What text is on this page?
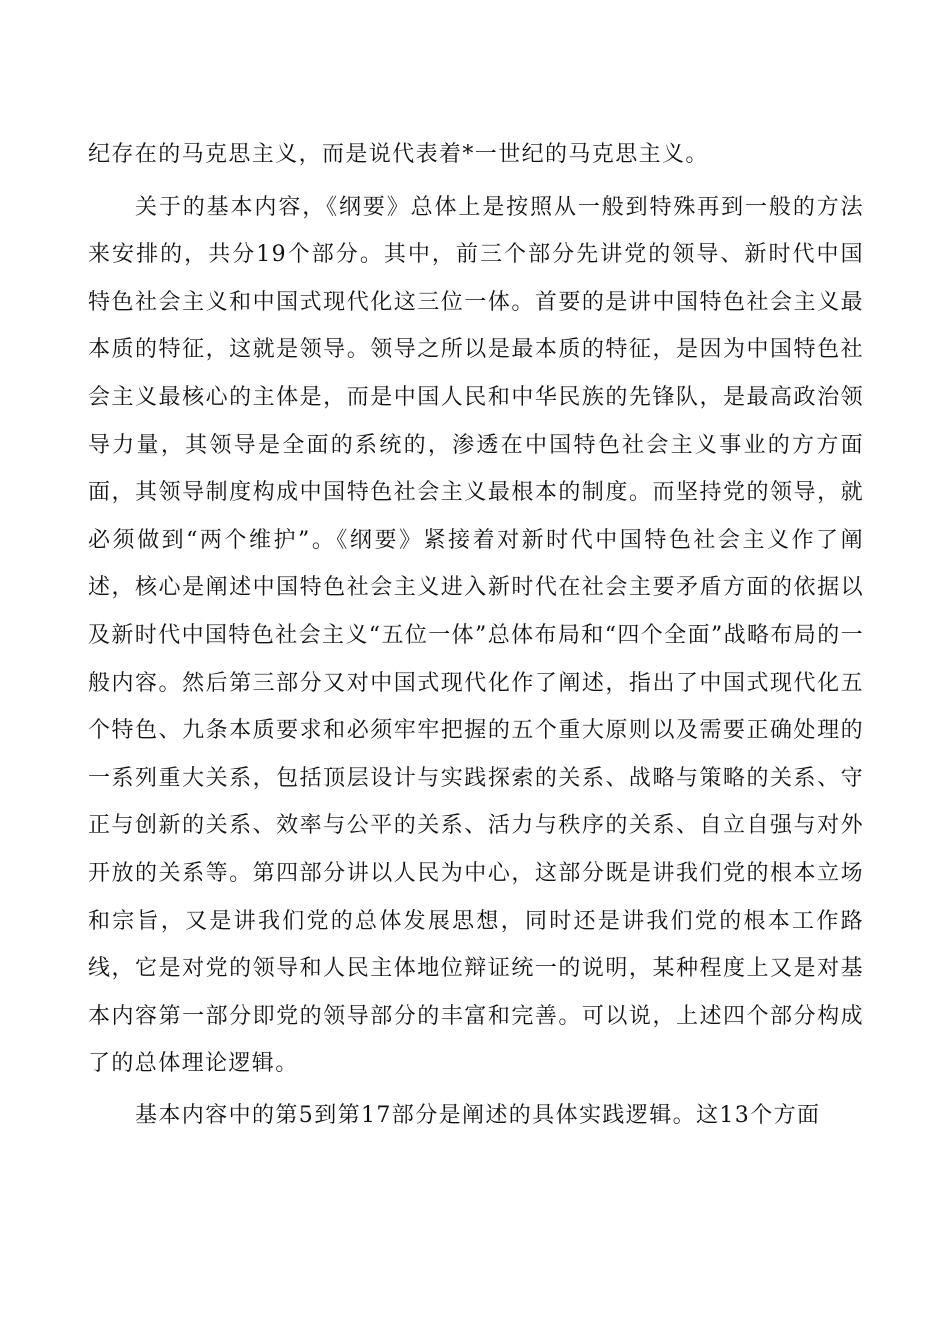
纪存在的马克思主义，而是说代表着*一世纪的马克思主义。

关于的基本内容，《纲要》总体上是按照从一般到特殊再到一般的方法来安排的，共分19个部分。其中，前三个部分先讲党的领导、新时代中国特色社会主义和中国式现代化这三位一体。首要的是讲中国特色社会主义最本质的特征，这就是领导。领导之所以是最本质的特征，是因为中国特色社会主义最核心的主体是，而是中国人民和中华民族的先锋队，是最高政治领导力量，其领导是全面的系统的，渗透在中国特色社会主义事业的方方面面，其领导制度构成中国特色社会主义最根本的制度。而坚持党的领导，就必须做到“两个维护”。《纲要》紧接着对新时代中国特色社会主义作了阐述，核心是阐述中国特色社会主义进入新时代在社会主要矛盾方面的依据以及新时代中国特色社会主义“五位一体”总体布局和“四个全面”战略布局的一般内容。然后第三部分又对中国式现代化作了阐述，指出了中国式现代化五个特色、九条本质要求和必须牢牢把握的五个重大原则以及需要正确处理的一系列重大关系，包括顶层设计与实践探索的关系、战略与策略的关系、守正与创新的关系、效率与公平的关系、活力与秩序的关系、自立自强与对外开放的关系等。第四部分讲以人民为中心，这部分既是讲我们党的根本立场和宗旨，又是讲我们党的总体发展思想，同时还是讲我们党的根本工作路线，它是对党的领导和人民主体地位辩证统一的说明，某种程度上又是对基本内容第一部分即党的领导部分的丰富和完善。可以说，上述四个部分构成了的总体理论逻辑。

基本内容中的第5到第17部分是阐述的具体实践逻辑。这13个方面
